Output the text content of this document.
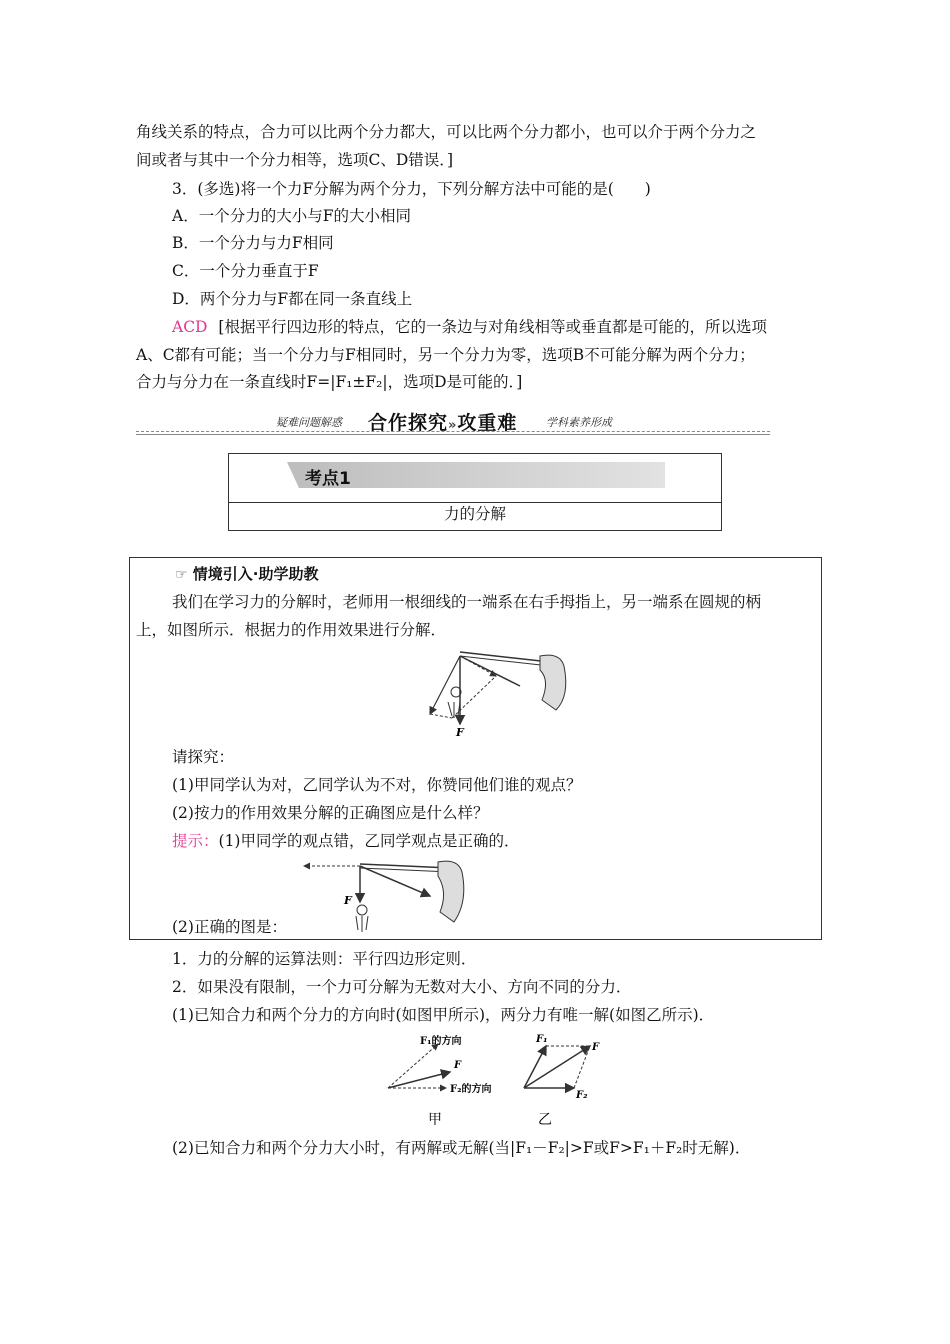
角线关系的特点，合力可以比两个分力都大，可以比两个分力都小，也可以介于两个分力之
间或者与其中一个分力相等，选项C、D错误．]
3．(多选)将一个力F分解为两个分力，下列分解方法中可能的是(　　)
A．一个分力的大小与F的大小相同
B．一个分力与力F相同
C．一个分力垂直于F
D．两个分力与F都在同一条直线上
ACD [根据平行四边形的特点，它的一条边与对角线相等或垂直都是可能的，所以选项
A、C都有可能；当一个分力与F相同时，另一个分力为零，选项B不可能分解为两个分力；
合力与分力在一条直线时F=|F₁±F₂|，选项D是可能的．]
疑难问题解惑 合作探究»攻重难	学科素养形成
考点1
力的分解
☞ 情境引入·助学助教
我们在学习力的分解时，老师用一根细线的一端系在右手拇指上，另一端系在圆规的柄
上，如图所示．根据力的作用效果进行分解．
F
请探究：
(1)甲同学认为对，乙同学认为不对，你赞同他们谁的观点？
(2)按力的作用效果分解的正确图应是什么样？
提示：(1)甲同学的观点错，乙同学观点是正确的．
F
(2)正确的图是：
1．力的分解的运算法则：平行四边形定则．
2．如果没有限制，一个力可分解为无数对大小、方向不同的分力．
(1)已知合力和两个分力的方向时(如图甲所示)，两分力有唯一解(如图乙所示)．
F₁的方向
F
F₂的方向
F₁
F
F₂
甲	乙
(2)已知合力和两个分力大小时，有两解或无解(当|F₁－F₂|>F或F>F₁＋F₂时无解)．
